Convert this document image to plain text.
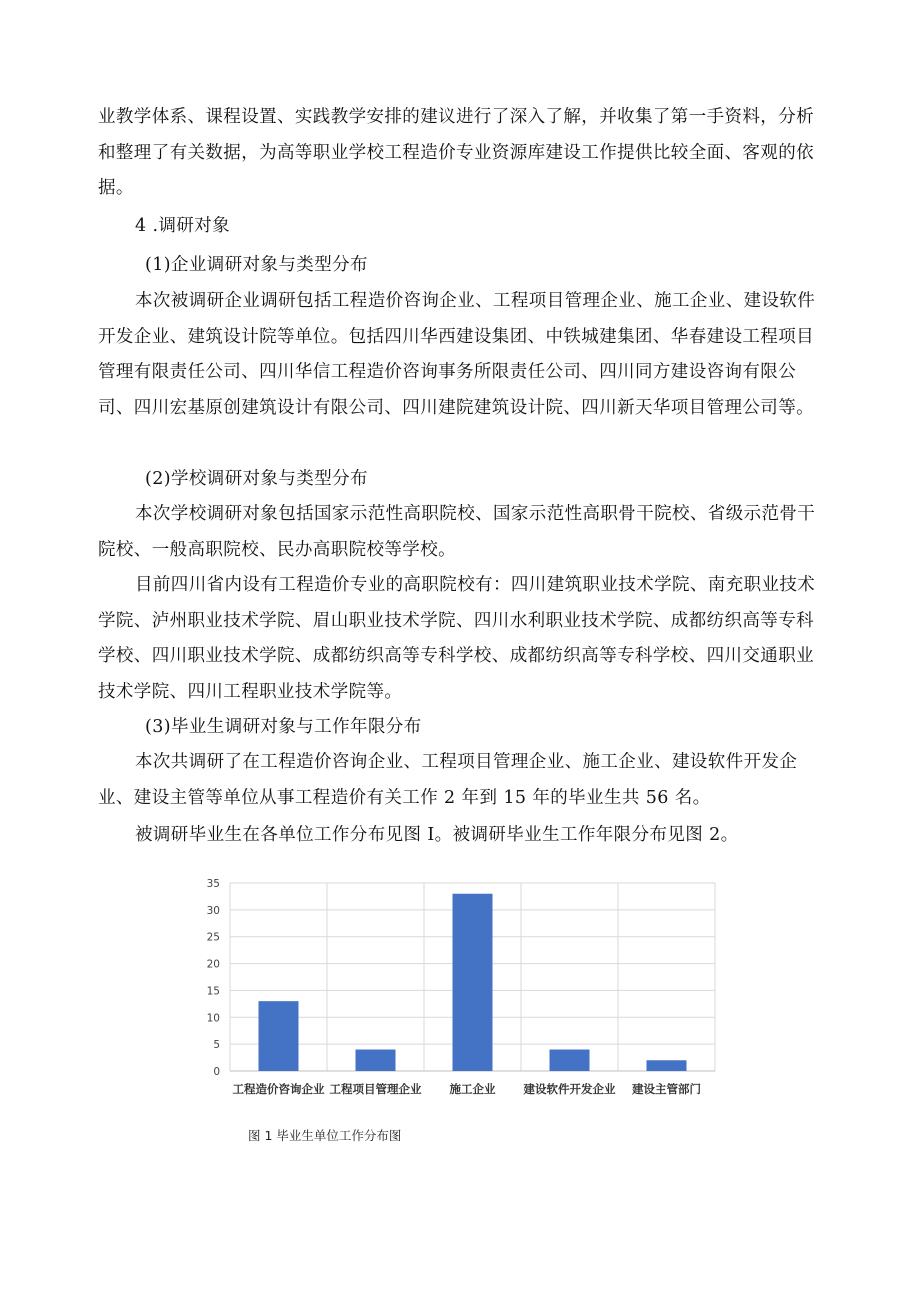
业教学体系、课程设置、实践教学安排的建议进行了深入了解，并收集了第一手资料，分析和整理了有关数据，为高等职业学校工程造价专业资源库建设工作提供比较全面、客观的依据。

4 .调研对象

(1)企业调研对象与类型分布

本次被调研企业调研包括工程造价咨询企业、工程项目管理企业、施工企业、建设软件开发企业、建筑设计院等单位。包括四川华西建设集团、中铁城建集团、华春建设工程项目管理有限责任公司、四川华信工程造价咨询事务所限责任公司、四川同方建设咨询有限公司、四川宏基原创建筑设计有限公司、四川建院建筑设计院、四川新天华项目管理公司等。

(2)学校调研对象与类型分布

本次学校调研对象包括国家示范性高职院校、国家示范性高职骨干院校、省级示范骨干院校、一般高职院校、民办高职院校等学校。

目前四川省内设有工程造价专业的高职院校有：四川建筑职业技术学院、南充职业技术学院、泸州职业技术学院、眉山职业技术学院、四川水利职业技术学院、成都纺织高等专科学校、四川职业技术学院、成都纺织高等专科学校、成都纺织高等专科学校、四川交通职业技术学院、四川工程职业技术学院等。

(3)毕业生调研对象与工作年限分布

本次共调研了在工程造价咨询企业、工程项目管理企业、施工企业、建设软件开发企业、建设主管等单位从事工程造价有关工作 2 年到 15 年的毕业生共 56 名。

被调研毕业生在各单位工作分布见图 I。被调研毕业生工作年限分布见图 2。

0
5
10
15
20
25
30
35
工程造价咨询企业 工程项目管理企业 施工企业 建设软件开发企业 建设主管部门
图 1 毕业生单位工作分布图
